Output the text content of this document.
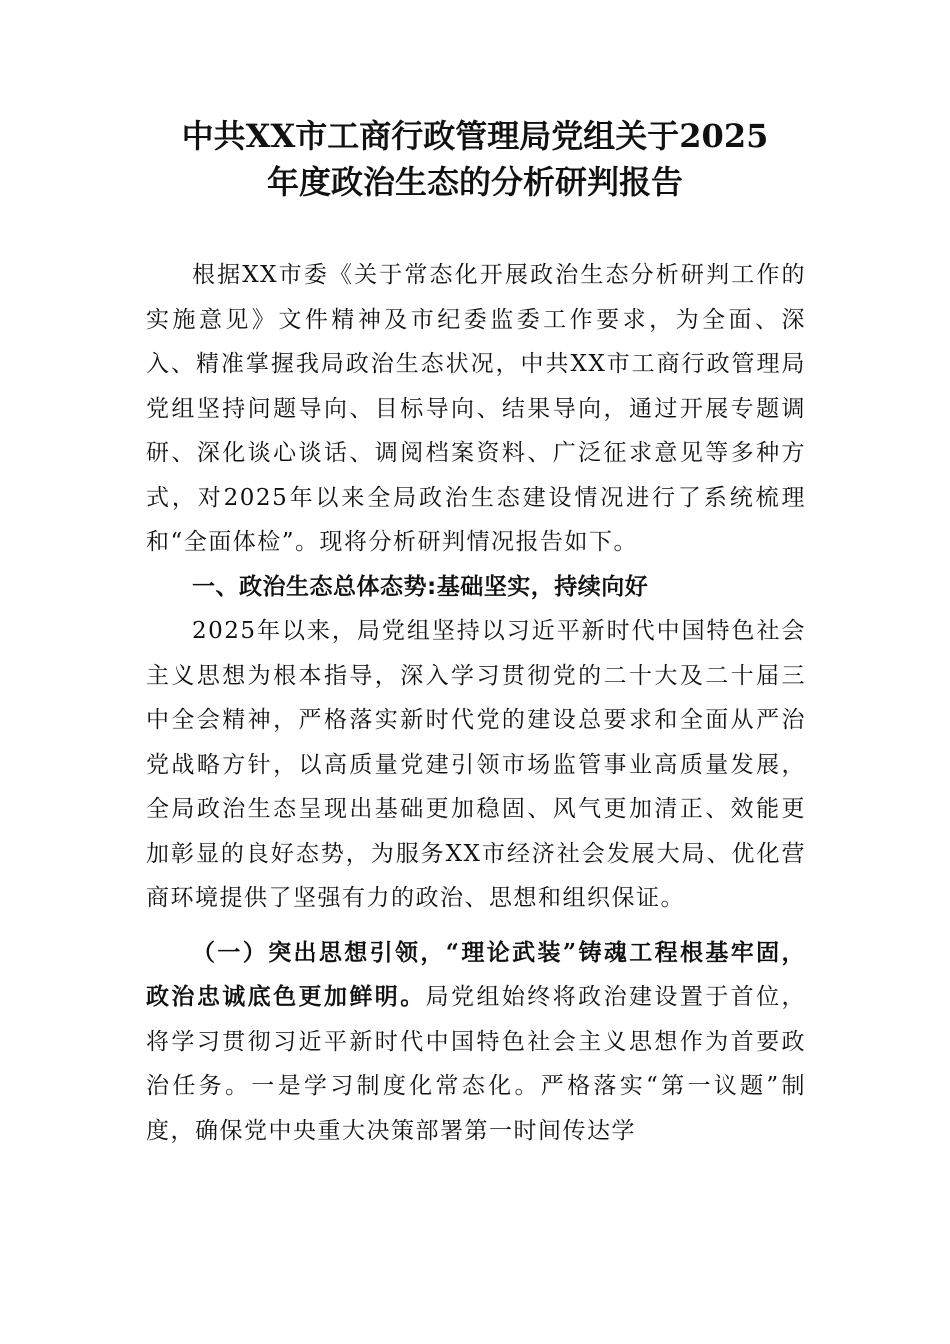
中共XX市工商行政管理局党组关于2025
年度政治生态的分析研判报告

根据XX市委《关于常态化开展政治生态分析研判工作的实施意见》文件精神及市纪委监委工作要求，为全面、深入、精准掌握我局政治生态状况，中共XX市工商行政管理局党组坚持问题导向、目标导向、结果导向，通过开展专题调研、深化谈心谈话、调阅档案资料、广泛征求意见等多种方式，对2025年以来全局政治生态建设情况进行了系统梳理和“全面体检”。现将分析研判情况报告如下。

一、政治生态总体态势:基础坚实，持续向好

2025年以来，局党组坚持以习近平新时代中国特色社会主义思想为根本指导，深入学习贯彻党的二十大及二十届三中全会精神，严格落实新时代党的建设总要求和全面从严治党战略方针，以高质量党建引领市场监管事业高质量发展，全局政治生态呈现出基础更加稳固、风气更加清正、效能更加彰显的良好态势，为服务XX市经济社会发展大局、优化营商环境提供了坚强有力的政治、思想和组织保证。

（一）突出思想引领，“理论武装”铸魂工程根基牢固，政治忠诚底色更加鲜明。局党组始终将政治建设置于首位，将学习贯彻习近平新时代中国特色社会主义思想作为首要政治任务。一是学习制度化常态化。严格落实“第一议题”制度，确保党中央重大决策部署第一时间传达学
